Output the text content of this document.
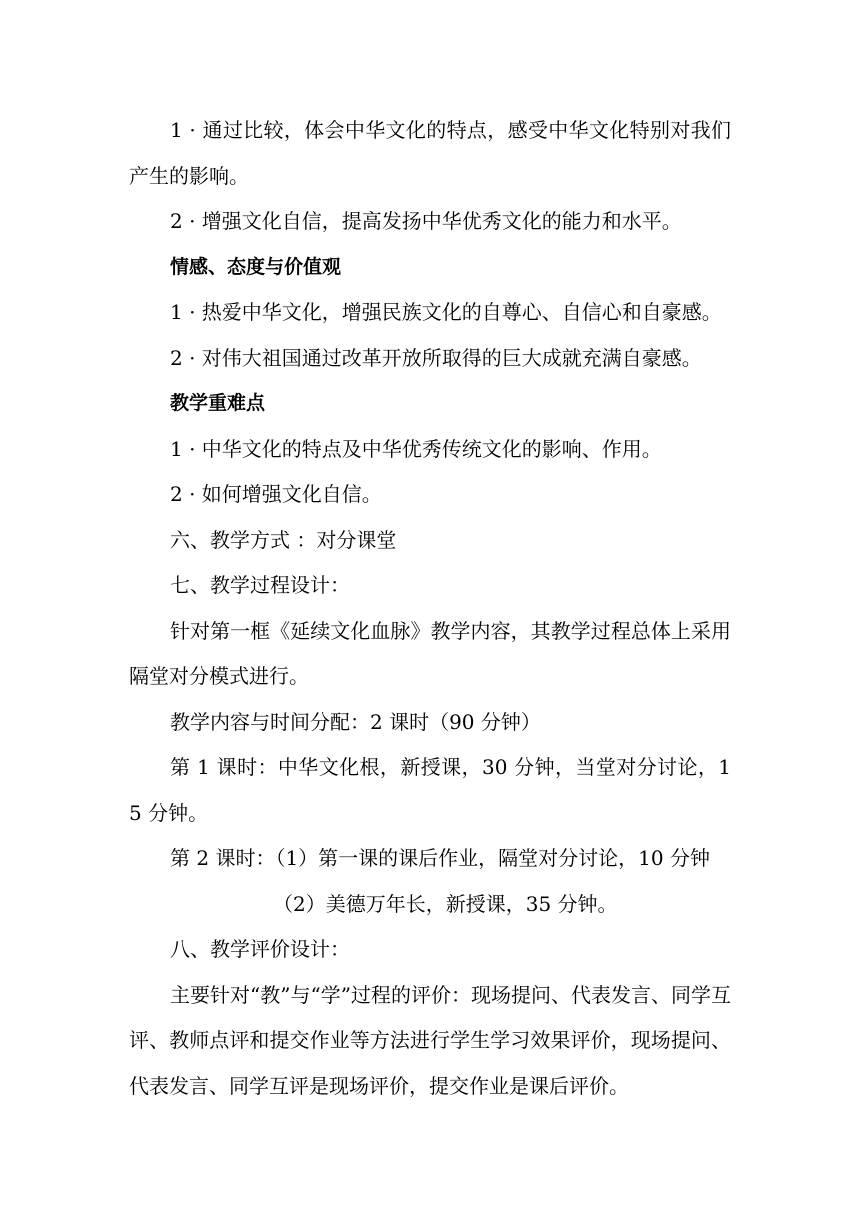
1 · 通过比较，体会中华文化的特点，感受中华文化特别对我们产生的影响。

2 · 增强文化自信，提高发扬中华优秀文化的能力和水平。

情感、态度与价值观

1 · 热爱中华文化，增强民族文化的自尊心、自信心和自豪感。

2 · 对伟大祖国通过改革开放所取得的巨大成就充满自豪感。

教学重难点

1 · 中华文化的特点及中华优秀传统文化的影响、作用。

2 · 如何增强文化自信。

六、教学方式 ：对分课堂

七、教学过程设计：

针对第一框《延续文化血脉》教学内容，其教学过程总体上采用隔堂对分模式进行。

教学内容与时间分配：2 课时（90 分钟）

第 1 课时：中华文化根，新授课，30 分钟，当堂对分讨论，15 分钟。

第 2 课时：（1）第一课的课后作业，隔堂对分讨论，10 分钟

（2）美德万年长，新授课，35 分钟。

八、教学评价设计：

主要针对“教”与“学”过程的评价：现场提问、代表发言、同学互评、教师点评和提交作业等方法进行学生学习效果评价，现场提问、代表发言、同学互评是现场评价，提交作业是课后评价。
